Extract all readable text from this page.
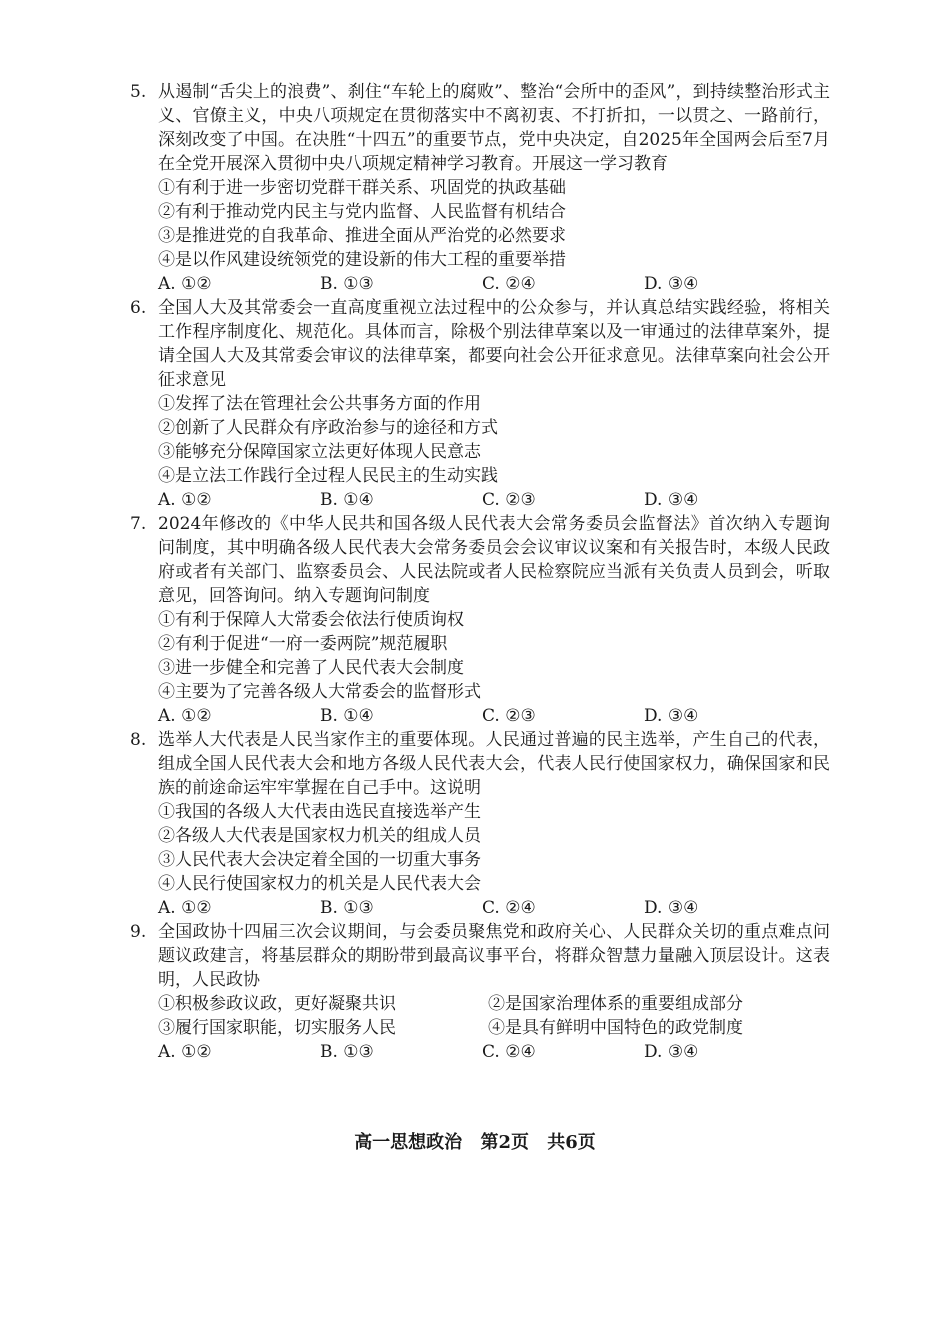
5. 从遏制“舌尖上的浪费”、刹住“车轮上的腐败”、整治“会所中的歪风”，到持续整治形式主义、官僚主义，中央八项规定在贯彻落实中不离初衷、不打折扣，一以贯之、一路前行，深刻改变了中国。在决胜“十四五”的重要节点，党中央决定，自2025年全国两会后至7月在全党开展深入贯彻中央八项规定精神学习教育。开展这一学习教育
①有利于进一步密切党群干群关系、巩固党的执政基础
②有利于推动党内民主与党内监督、人民监督有机结合
③是推进党的自我革命、推进全面从严治党的必然要求
④是以作风建设统领党的建设新的伟大工程的重要举措
A. ①②	B. ①③	C. ②④	D. ③④
6. 全国人大及其常委会一直高度重视立法过程中的公众参与，并认真总结实践经验，将相关工作程序制度化、规范化。具体而言，除极个别法律草案以及一审通过的法律草案外，提请全国人大及其常委会审议的法律草案，都要向社会公开征求意见。法律草案向社会公开征求意见
①发挥了法在管理社会公共事务方面的作用
②创新了人民群众有序政治参与的途径和方式
③能够充分保障国家立法更好体现人民意志
④是立法工作践行全过程人民民主的生动实践
A. ①②	B. ①④	C. ②③	D. ③④
7. 2024年修改的《中华人民共和国各级人民代表大会常务委员会监督法》首次纳入专题询问制度，其中明确各级人民代表大会常务委员会会议审议议案和有关报告时，本级人民政府或者有关部门、监察委员会、人民法院或者人民检察院应当派有关负责人员到会，听取意见，回答询问。纳入专题询问制度
①有利于保障人大常委会依法行使质询权
②有利于促进“一府一委两院”规范履职
③进一步健全和完善了人民代表大会制度
④主要为了完善各级人大常委会的监督形式
A. ①②	B. ①④	C. ②③	D. ③④
8. 选举人大代表是人民当家作主的重要体现。人民通过普遍的民主选举，产生自己的代表，组成全国人民代表大会和地方各级人民代表大会，代表人民行使国家权力，确保国家和民族的前途命运牢牢掌握在自己手中。这说明
①我国的各级人大代表由选民直接选举产生
②各级人大代表是国家权力机关的组成人员
③人民代表大会决定着全国的一切重大事务
④人民行使国家权力的机关是人民代表大会
A. ①②	B. ①③	C. ②④	D. ③④
9. 全国政协十四届三次会议期间，与会委员聚焦党和政府关心、人民群众关切的重点难点问题议政建言，将基层群众的期盼带到最高议事平台，将群众智慧力量融入顶层设计。这表明，人民政协
①积极参政议政，更好凝聚共识	②是国家治理体系的重要组成部分
③履行国家职能，切实服务人民	④是具有鲜明中国特色的政党制度
A. ①②	B. ①③	C. ②④	D. ③④
高一思想政治 第2页 共6页
